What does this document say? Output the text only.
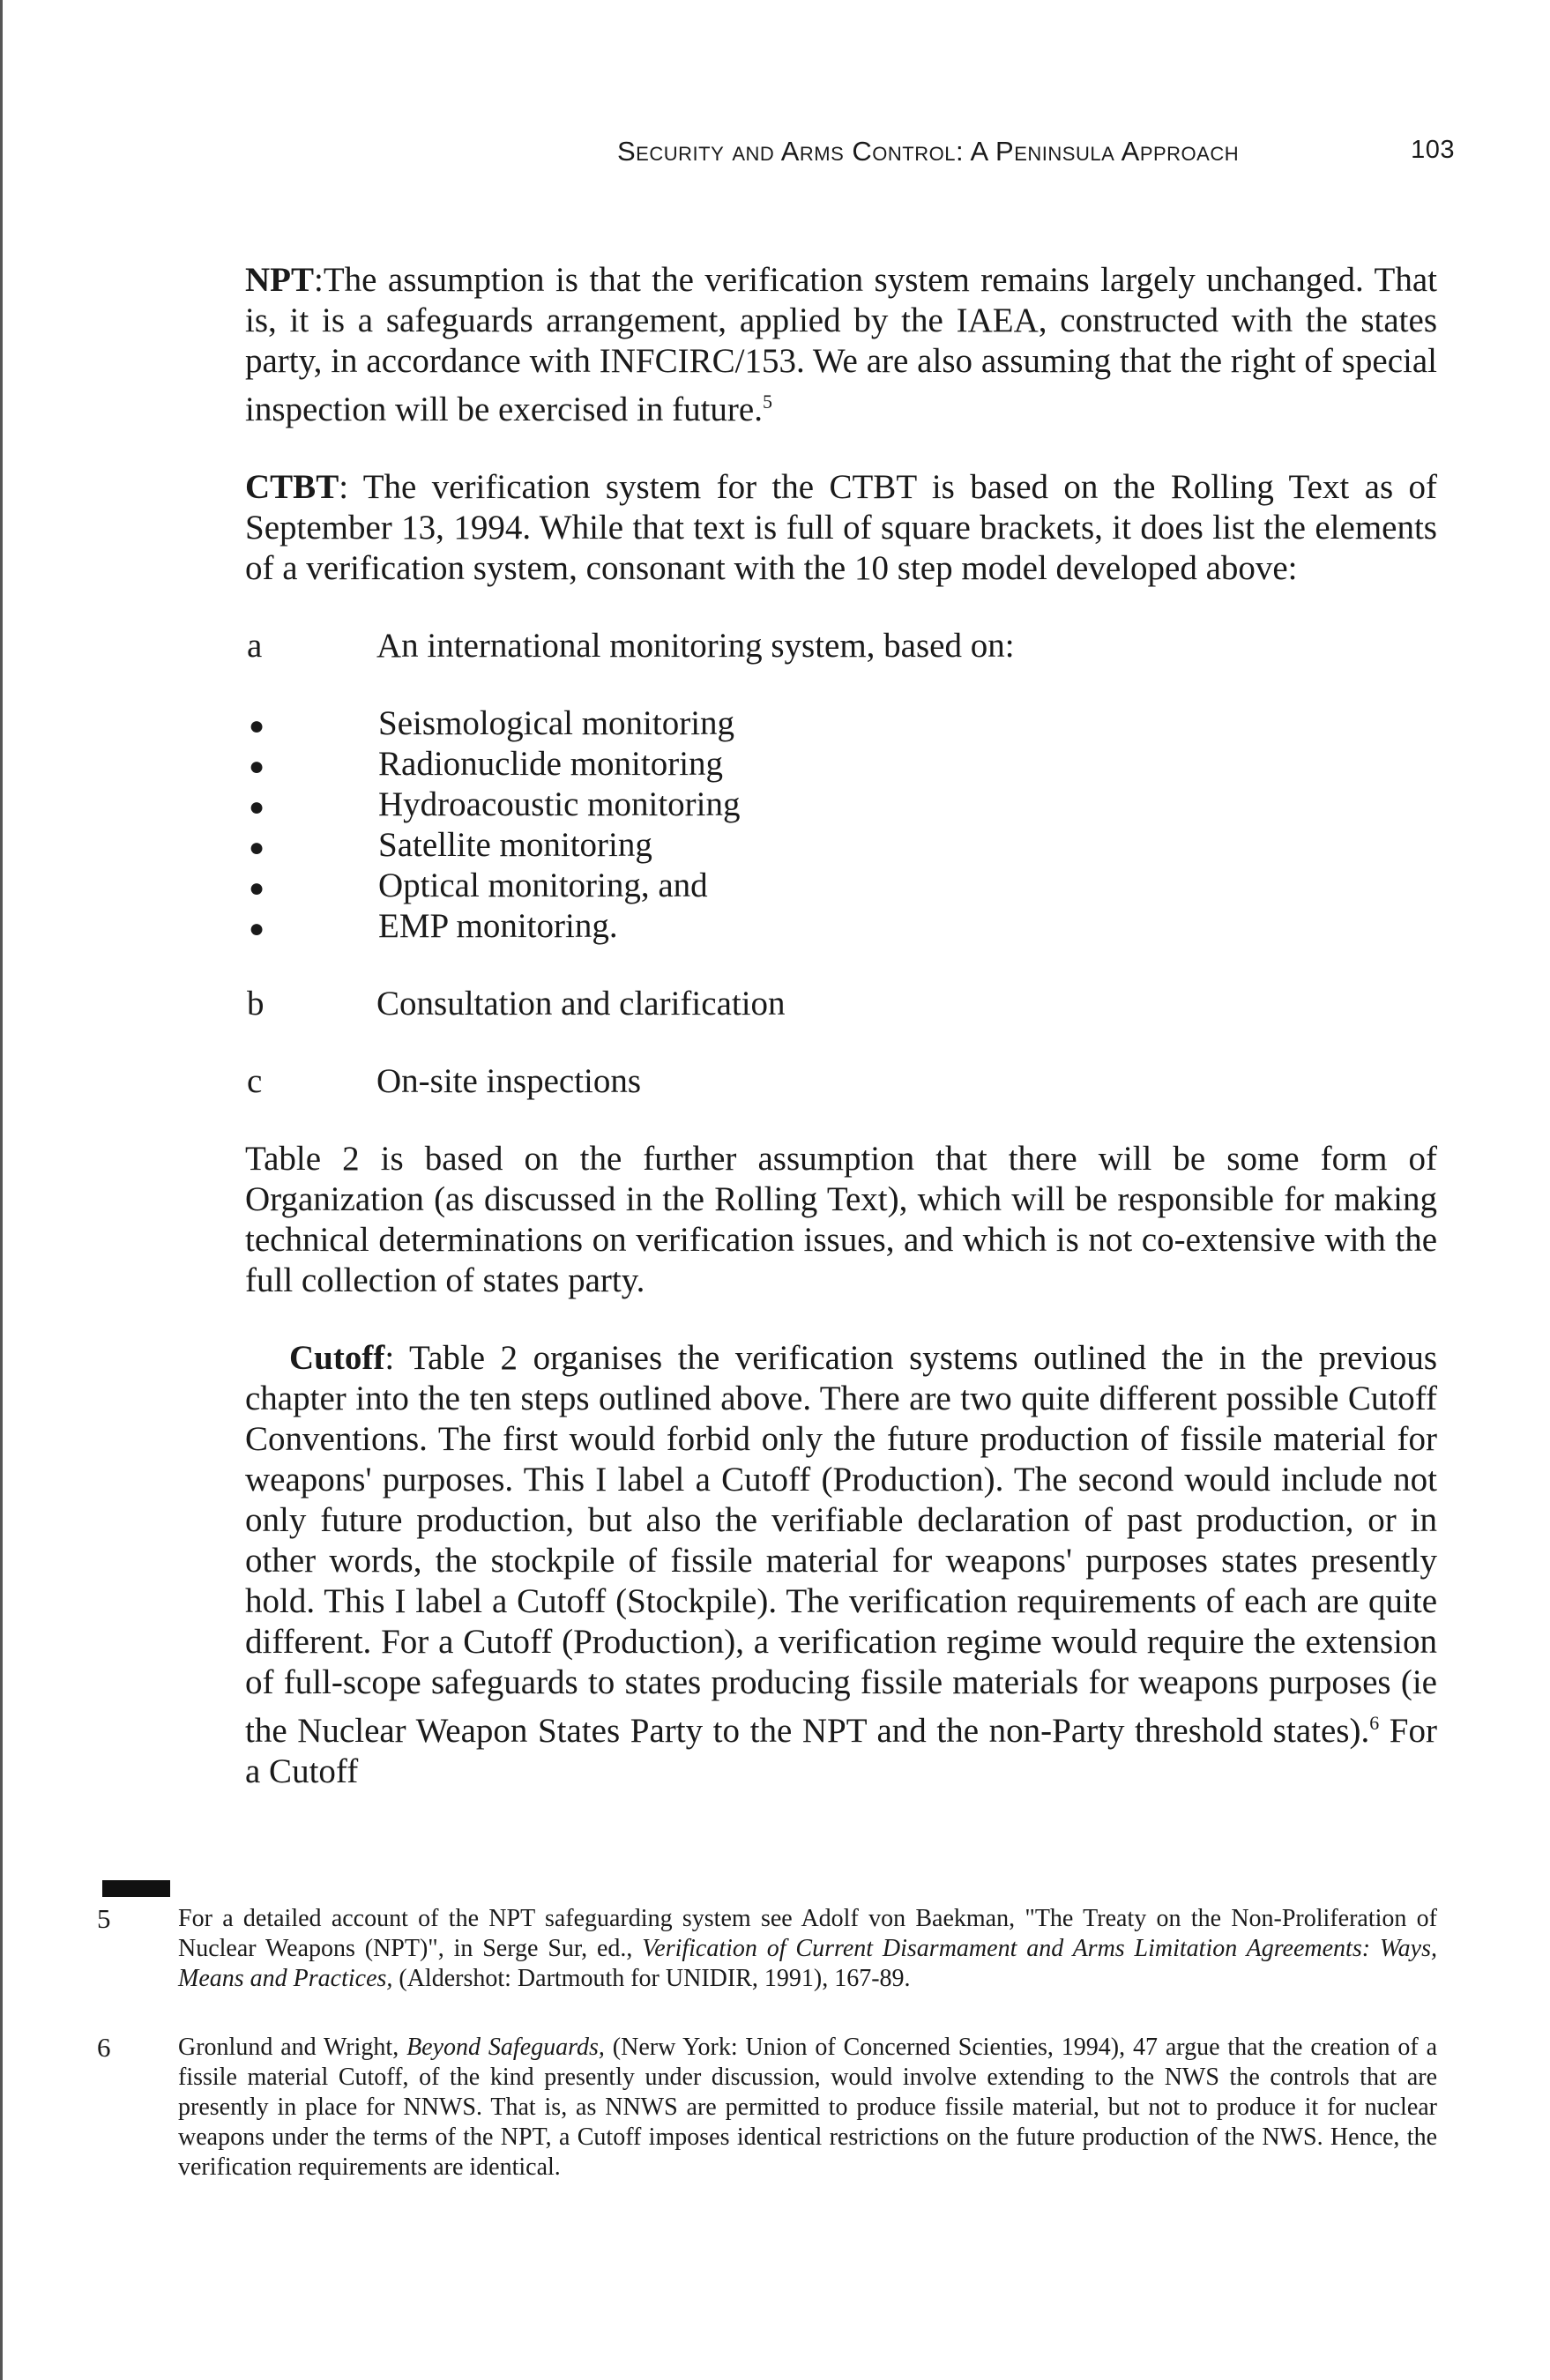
Security and Arms Control: A Peninsula Approach	103

NPT:The assumption is that the verification system remains largely unchanged. That is, it is a safeguards arrangement, applied by the IAEA, constructed with the states party, in accordance with INFCIRC/153. We are also assuming that the right of special inspection will be exercised in future.$^5$

CTBT: The verification system for the CTBT is based on the Rolling Text as of September 13, 1994. While that text is full of square brackets, it does list the elements of a verification system, consonant with the 10 step model developed above:

a	An international monitoring system, based on:
●	Seismological monitoring
●	Radionuclide monitoring
●	Hydroacoustic monitoring
●	Satellite monitoring
●	Optical monitoring, and
●	EMP monitoring.
b	Consultation and clarification
c	On-site inspections

Table 2 is based on the further assumption that there will be some form of Organization (as discussed in the Rolling Text), which will be responsible for making technical determinations on verification issues, and which is not co-extensive with the full collection of states party.

Cutoff: Table 2 organises the verification systems outlined the in the previous chapter into the ten steps outlined above. There are two quite different possible Cutoff Conventions. The first would forbid only the future production of fissile material for weapons' purposes. This I label a Cutoff (Production). The second would include not only future production, but also the verifiable declaration of past production, or in other words, the stockpile of fissile material for weapons' purposes states presently hold. This I label a Cutoff (Stockpile). The verification requirements of each are quite different. For a Cutoff (Production), a verification regime would require the extension of full-scope safeguards to states producing fissile materials for weapons purposes (ie the Nuclear Weapon States Party to the NPT and the non-Party threshold states).$^6$ For a Cutoff

5	For a detailed account of the NPT safeguarding system see Adolf von Baekman, "The Treaty on the Non-Proliferation of Nuclear Weapons (NPT)", in Serge Sur, ed., Verification of Current Disarmament and Arms Limitation Agreements: Ways, Means and Practices, (Aldershot: Dartmouth for UNIDIR, 1991), 167-89.
6	Gronlund and Wright, Beyond Safeguards, (Nerw York: Union of Concerned Scienties, 1994), 47 argue that the creation of a fissile material Cutoff, of the kind presently under discussion, would involve extending to the NWS the controls that are presently in place for NNWS. That is, as NNWS are permitted to produce fissile material, but not to produce it for nuclear weapons under the terms of the NPT, a Cutoff imposes identical restrictions on the future production of the NWS. Hence, the verification requirements are identical.
